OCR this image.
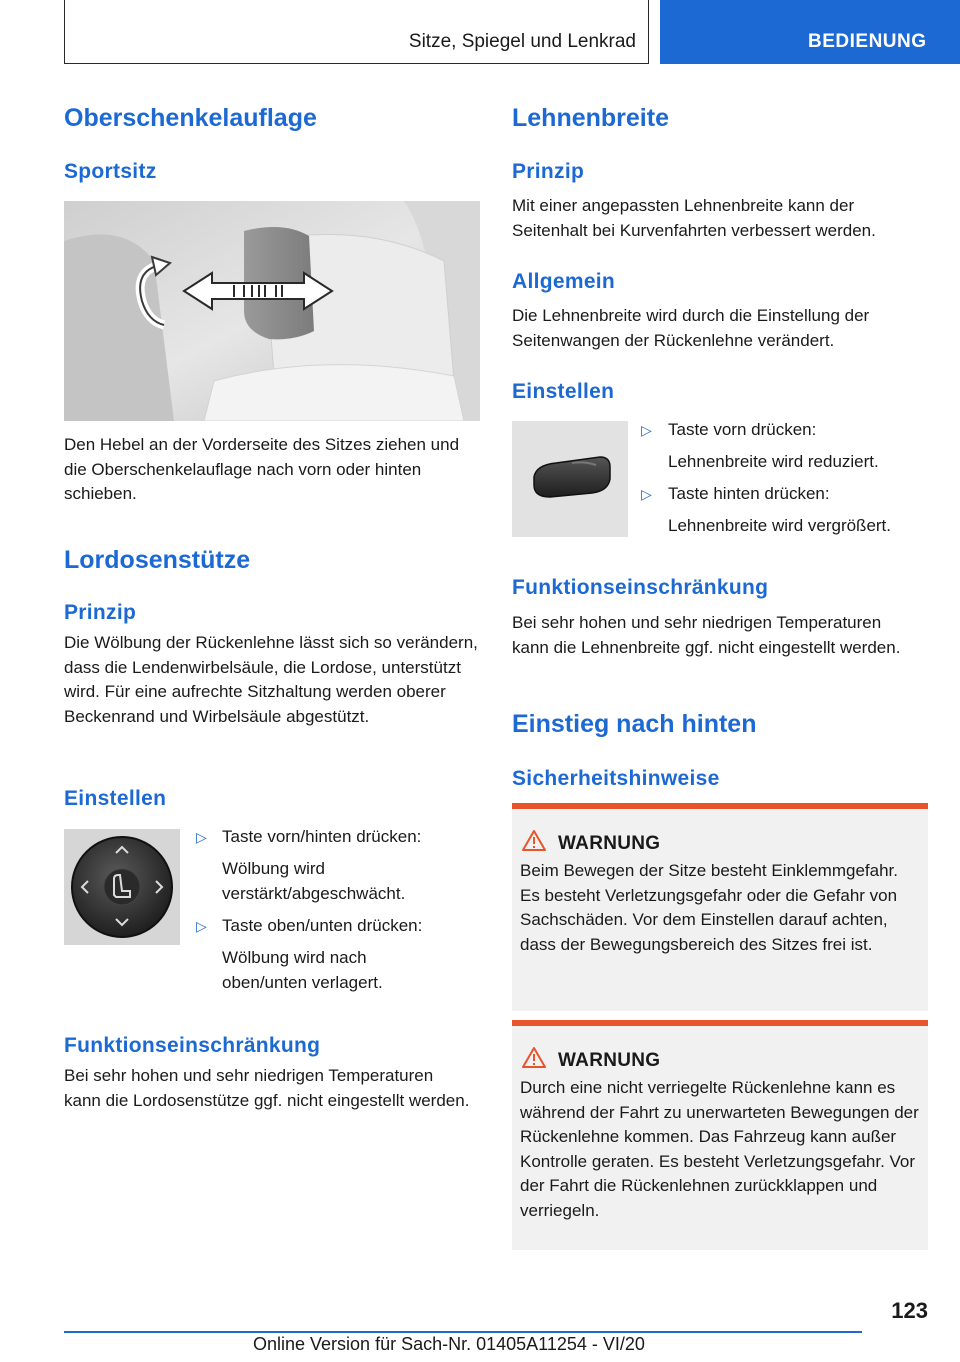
Sitze, Spiegel und Lenkrad	BEDIENUNG
Oberschenkelauflage
Sportsitz
Den Hebel an der Vorderseite des Sitzes ziehen und die Oberschenkelauflage nach vorn oder hinten schieben.
Lordosenstütze
Prinzip
Die Wölbung der Rückenlehne lässt sich so verändern, dass die Lendenwirbelsäule, die Lordose, unterstützt wird. Für eine aufrechte Sitzhaltung werden oberer Beckenrand und Wirbelsäule abgestützt.
Einstellen
▷ Taste vorn/hinten drücken:
Wölbung wird verstärkt/abgeschwächt.
▷ Taste oben/unten drücken:
Wölbung wird nach oben/unten verlagert.
Funktionseinschränkung
Bei sehr hohen und sehr niedrigen Temperaturen kann die Lordosenstütze ggf. nicht eingestellt werden.
Lehnenbreite
Prinzip
Mit einer angepassten Lehnenbreite kann der Seitenhalt bei Kurvenfahrten verbessert werden.
Allgemein
Die Lehnenbreite wird durch die Einstellung der Seitenwangen der Rückenlehne verändert.
Einstellen
▷ Taste vorn drücken:
Lehnenbreite wird reduziert.
▷ Taste hinten drücken:
Lehnenbreite wird vergrößert.
Funktionseinschränkung
Bei sehr hohen und sehr niedrigen Temperaturen kann die Lehnenbreite ggf. nicht eingestellt werden.
Einstieg nach hinten
Sicherheitshinweise
WARNUNG
Beim Bewegen der Sitze besteht Einklemmgefahr. Es besteht Verletzungsgefahr oder die Gefahr von Sachschäden. Vor dem Einstellen darauf achten, dass der Bewegungsbereich des Sitzes frei ist.
WARNUNG
Durch eine nicht verriegelte Rückenlehne kann es während der Fahrt zu unerwarteten Bewegungen der Rückenlehne kommen. Das Fahrzeug kann außer Kontrolle geraten. Es besteht Verletzungsgefahr. Vor der Fahrt die Rückenlehnen zurückklappen und verriegeln.
123
Online Version für Sach-Nr. 01405A11254 - VI/20
